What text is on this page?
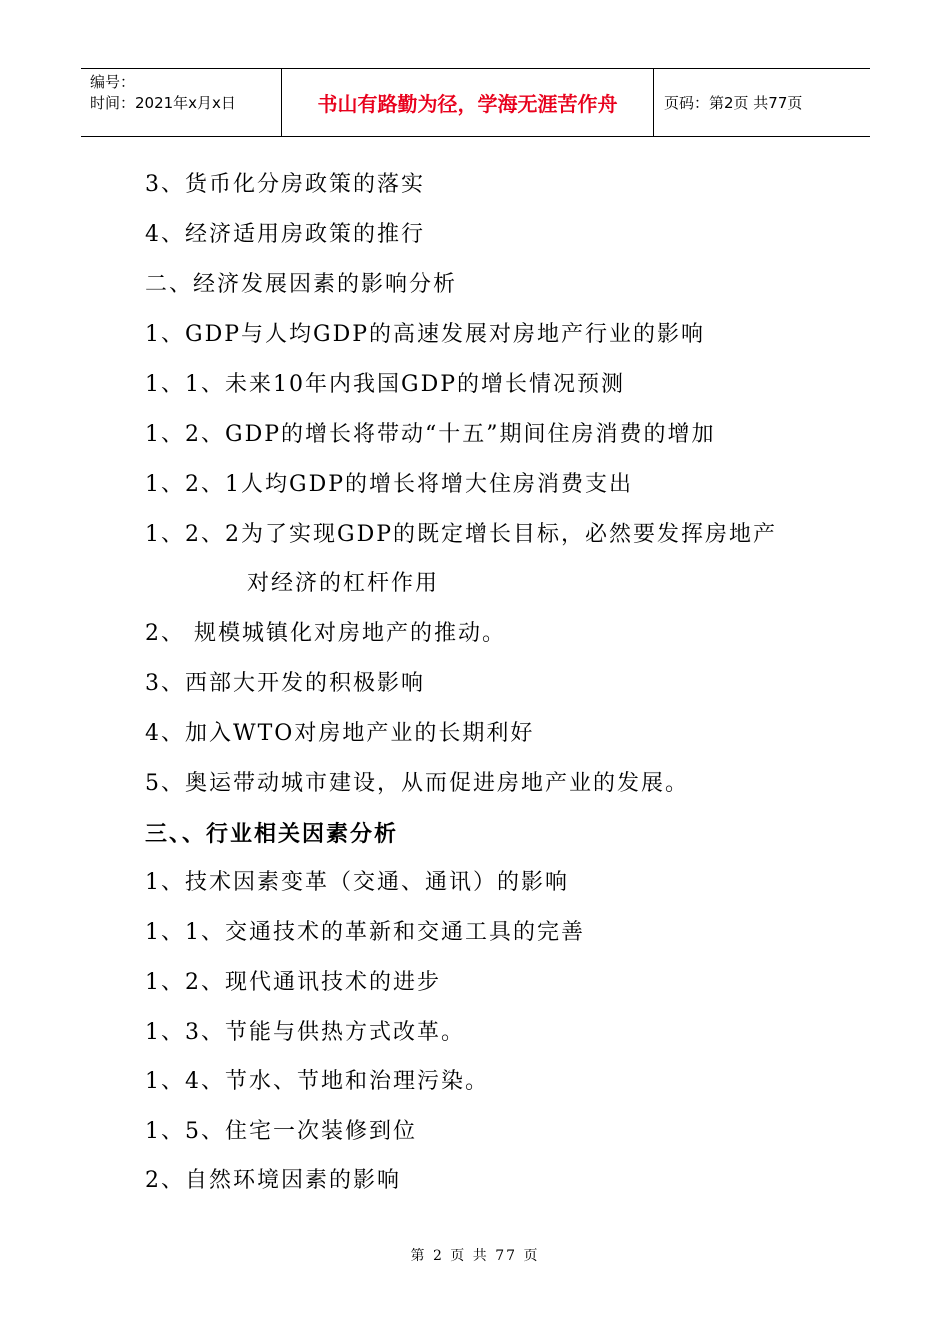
编号：
时间：2021年x月x日	书山有路勤为径，学海无涯苦作舟	页码：第2页 共77页
3、货币化分房政策的落实
4、经济适用房政策的推行
二、经济发展因素的影响分析
1、GDP与人均GDP的高速发展对房地产行业的影响
1、1、未来10年内我国GDP的增长情况预测
1、2、GDP的增长将带动“十五”期间住房消费的增加
1、2、1人均GDP的增长将增大住房消费支出
1、2、2为了实现GDP的既定增长目标，必然要发挥房地产
对经济的杠杆作用
2、 规模城镇化对房地产的推动。
3、西部大开发的积极影响
4、加入WTO对房地产业的长期利好
5、奥运带动城市建设，从而促进房地产业的发展。
三、、行业相关因素分析
1、技术因素变革（交通、通讯）的影响
1、1、交通技术的革新和交通工具的完善
1、2、现代通讯技术的进步
1、3、节能与供热方式改革。
1、4、节水、节地和治理污染。
1、5、住宅一次装修到位
2、自然环境因素的影响
第 2 页 共 77 页
